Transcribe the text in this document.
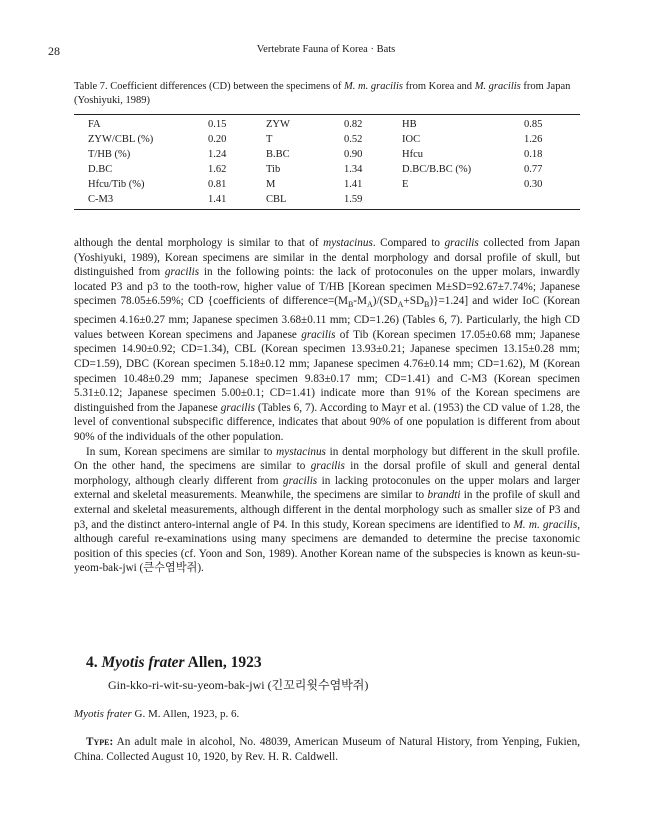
28	Vertebrate Fauna of Korea · Bats
Table 7. Coefficient differences (CD) between the specimens of M. m. gracilis from Korea and M. gracilis from Japan (Yoshiyuki, 1989)
FA	0.15	ZYW	0.82	HB	0.85
ZYW/CBL (%)	0.20	T	0.52	IOC	1.26
T/HB (%)	1.24	B.BC	0.90	Hfcu	0.18
D.BC	1.62	Tib	1.34	D.BC/B.BC (%)	0.77
Hfcu/Tib (%)	0.81	M	1.41	E	0.30
C-M3	1.41	CBL	1.59		

although the dental morphology is similar to that of mystacinus. Compared to gracilis collected from Japan (Yoshiyuki, 1989), Korean specimens are similar in the dental morphology and dorsal profile of skull, but distinguished from gracilis in the following points: the lack of protoconules on the upper molars, inwardly located P3 and p3 to the tooth-row, higher value of T/HB [Korean specimen M±SD=92.67±7.74%; Japanese specimen 78.05±6.59%; CD {coefficients of $difference=(M_B-M_A)/(SD_A+SD_B)\}=1.24$] and wider IoC (Korean specimen 4.16±0.27 mm; Japanese specimen 3.68±0.11 mm; CD=1.26) (Tables 6, 7). Particularly, the high CD values between Korean specimens and Japanese gracilis of Tib (Korean specimen 17.05±0.68 mm; Japanese specimen 14.90±0.92; CD=1.34), CBL (Korean specimen 13.93±0.21; Japanese specimen 13.15±0.28 mm; CD=1.59), DBC (Korean specimen 5.18±0.12 mm; Japanese specimen 4.76±0.14 mm; CD=1.62), M (Korean specimen 10.48±0.29 mm; Japanese specimen 9.83±0.17 mm; CD=1.41) and C-M3 (Korean specimen 5.31±0.12; Japanese specimen 5.00±0.1; CD=1.41) indicate more than 91% of the Korean specimens are distinguished from the Japanese gracilis (Tables 6, 7). According to Mayr et al. (1953) the CD value of 1.28, the level of conventional subspecific difference, indicates that about 90% of one population is different from about 90% of the individuals of the other population.

In sum, Korean specimens are similar to mystacinus in dental morphology but different in the skull profile. On the other hand, the specimens are similar to gracilis in the dorsal profile of skull and general dental morphology, although clearly different from gracilis in lacking protoconules on the upper molars and larger external and skeletal measurements. Meanwhile, the specimens are similar to brandti in the profile of skull and external and skeletal measurements, although different in the dental morphology such as smaller size of P3 and p3, and the distinct antero-internal angle of P4. In this study, Korean specimens are identified to M. m. gracilis, although careful re-examinations using many specimens are demanded to determine the precise taxonomic position of this species (cf. Yoon and Son, 1989). Another Korean name of the subspecies is known as keun-su-yeom-bak-jwi (큰수염박쥐).

4. Myotis frater Allen, 1923
Gin-kko-ri-wit-su-yeom-bak-jwi (긴꼬리윗수염박쥐)
Myotis frater G. M. Allen, 1923, p. 6.
Type: An adult male in alcohol, No. 48039, American Museum of Natural History, from Yenping, Fukien, China. Collected August 10, 1920, by Rev. H. R. Caldwell.
